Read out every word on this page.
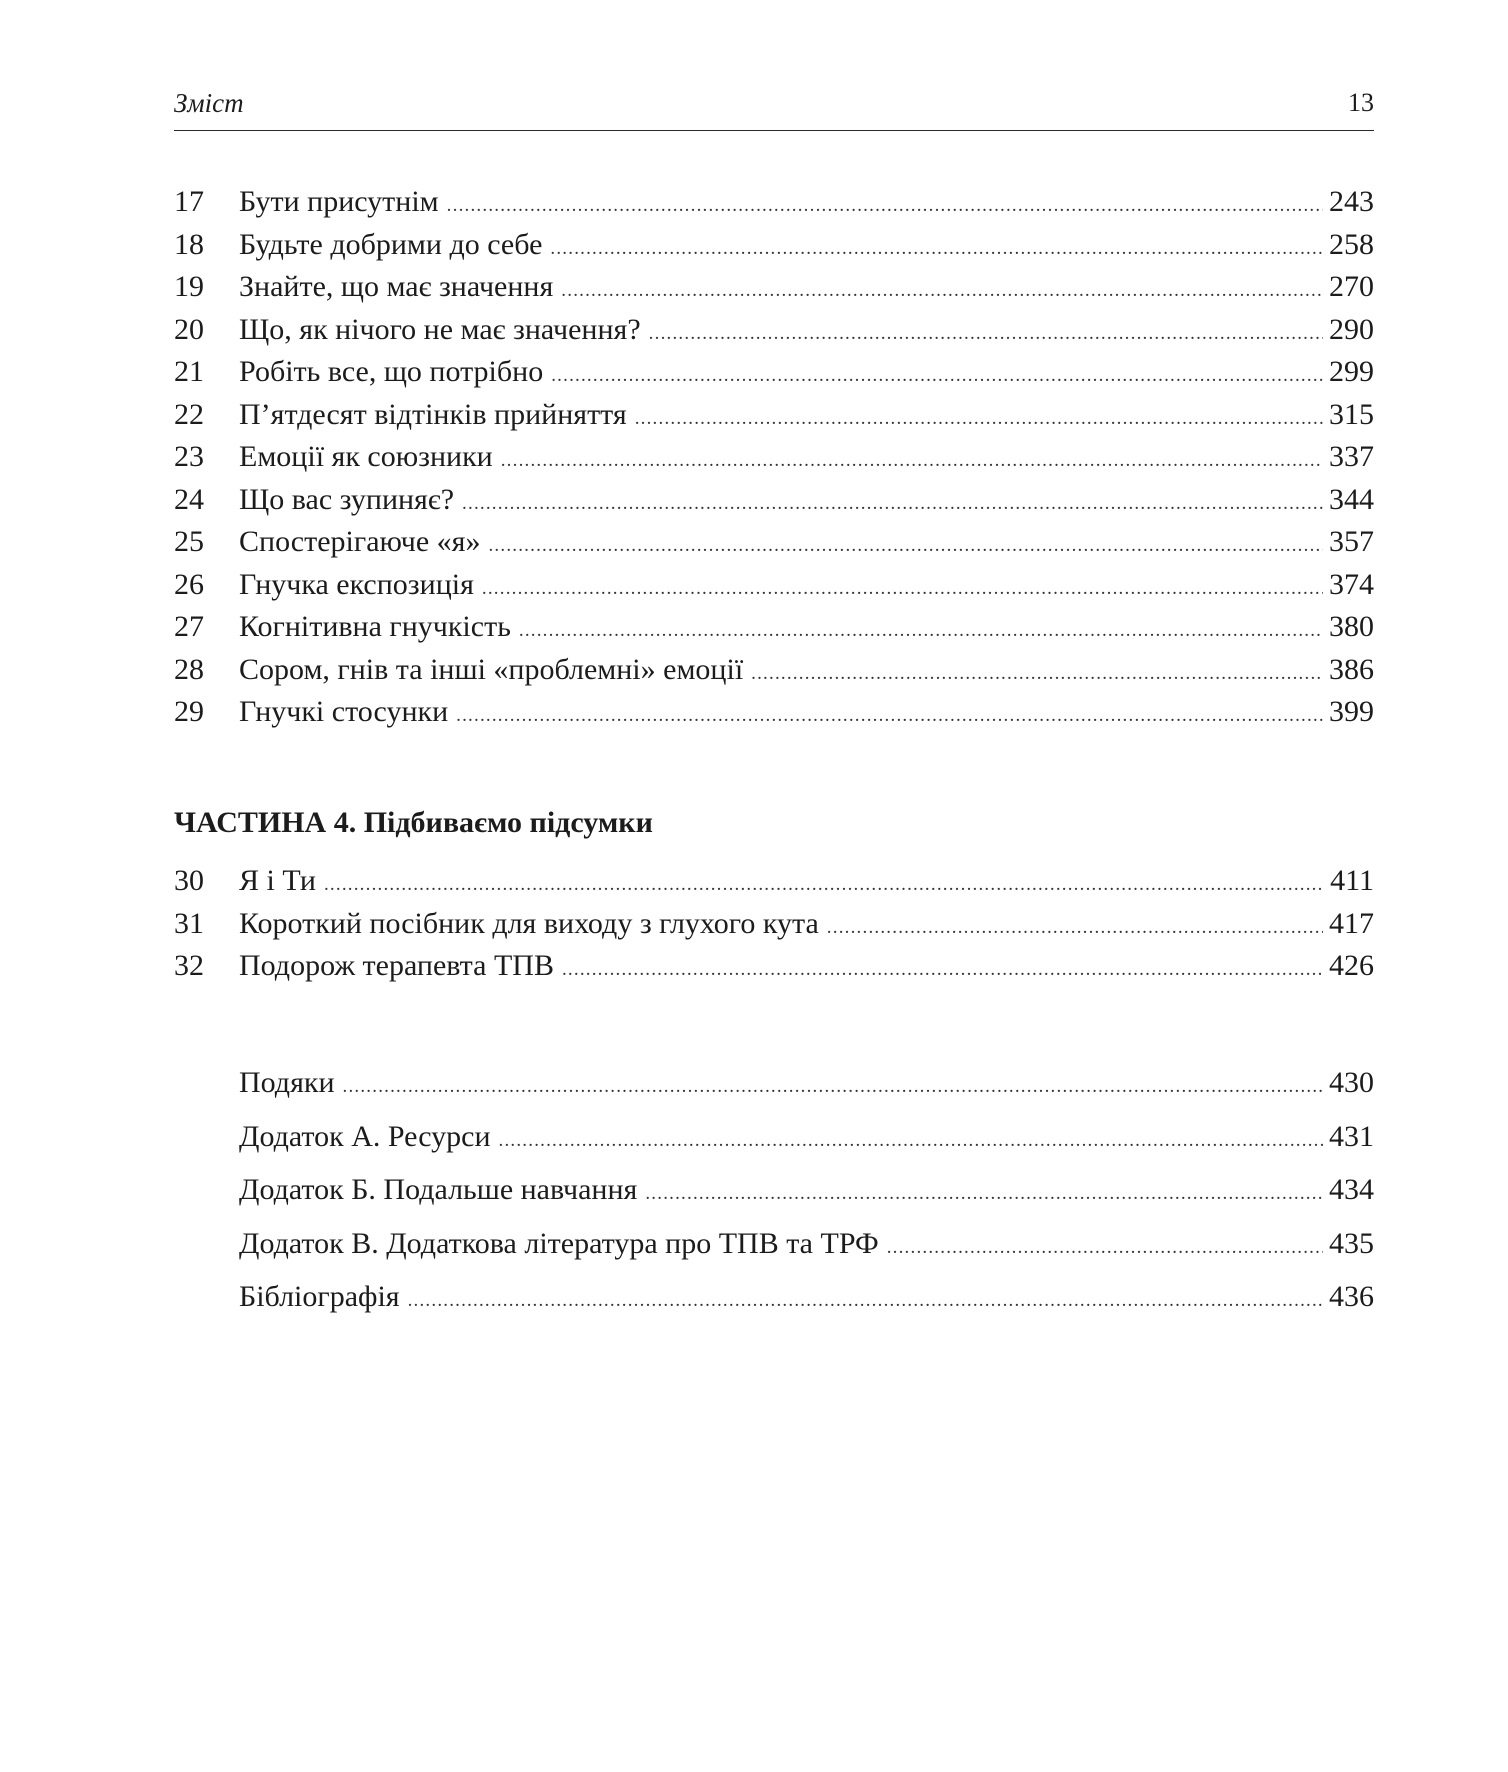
Зміст	13
17	Бути присутнім .....	243
18	Будьте добрими до себе .....	258
19	Знайте, що має значення .....	270
20	Що, як нічого не має значення? .....	290
21	Робіть все, що потрібно .....	299
22	П’ятдесят відтінків прийняття .....	315
23	Емоції як союзники .....	337
24	Що вас зупиняє? .....	344
25	Спостерігаюче «я» .....	357
26	Гнучка експозиція .....	374
27	Когнітивна гнучкість .....	380
28	Сором, гнів та інші «проблемні» емоції .....	386
29	Гнучкі стосунки .....	399
ЧАСТИНА 4. Підбиваємо підсумки
30	Я і Ти .....	411
31	Короткий посібник для виходу з глухого кута .....	417
32	Подорож терапевта ТПВ .....	426
Подяки .....	430
Додаток А. Ресурси .....	431
Додаток Б. Подальше навчання .....	434
Додаток В. Додаткова література про ТПВ та ТРФ .....	435
Бібліографія .....	436
